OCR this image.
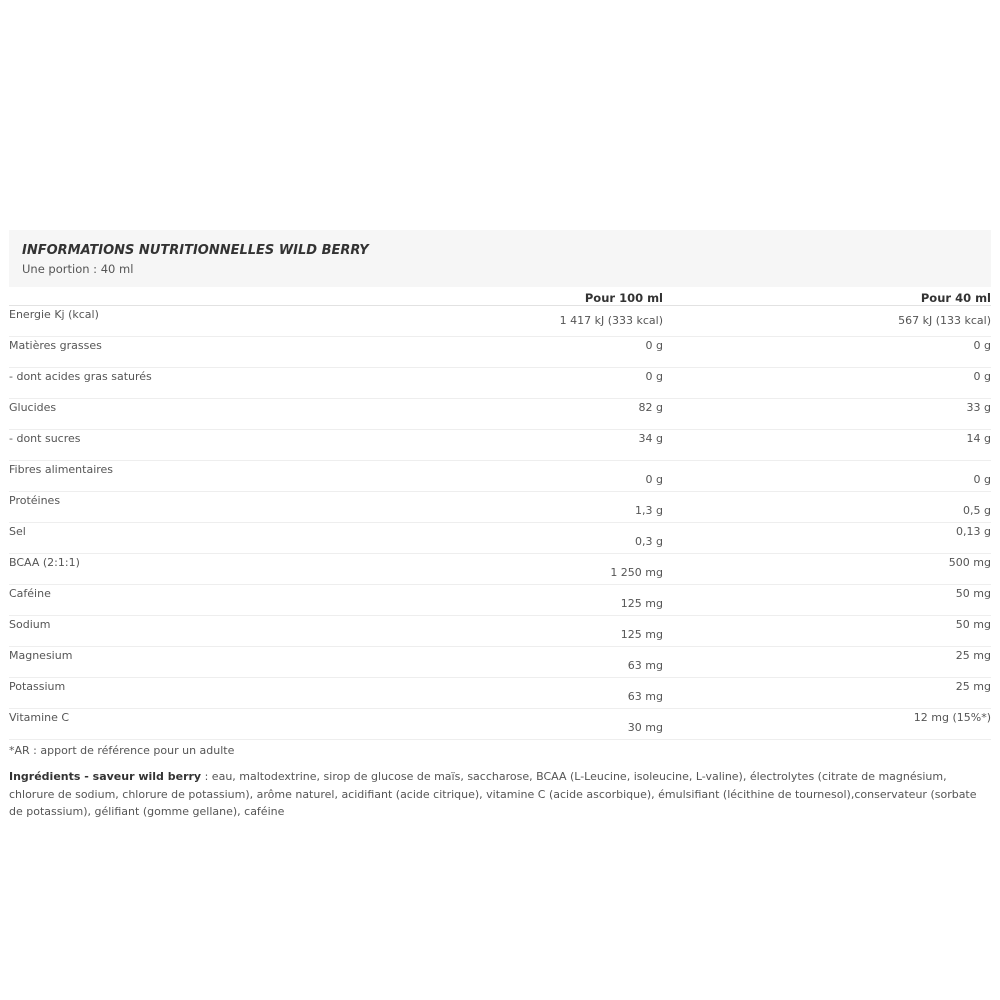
INFORMATIONS NUTRITIONNELLES WILD BERRY
Une portion : 40 ml
	Pour 100 ml	Pour 40 ml
Energie Kj (kcal)	1 417 kJ (333 kcal)	567 kJ (133 kcal)
Matières grasses	0 g	0 g
- dont acides gras saturés	0 g	0 g
Glucides	82 g	33 g
- dont sucres	34 g	14 g
Fibres alimentaires	0 g	0 g
Protéines	1,3 g	0,5 g
Sel	0,3 g	0,13 g
BCAA (2:1:1)	1 250 mg	500 mg
Caféine	125 mg	50 mg
Sodium	125 mg	50 mg
Magnesium	63 mg	25 mg
Potassium	63 mg	25 mg
Vitamine C	30 mg	12 mg (15%*)
*AR : apport de référence pour un adulte
Ingrédients - saveur wild berry : eau, maltodextrine, sirop de glucose de maïs, saccharose, BCAA (L-Leucine, isoleucine, L-valine), électrolytes (citrate de magnésium, chlorure de sodium, chlorure de potassium), arôme naturel, acidifiant (acide citrique), vitamine C (acide ascorbique), émulsifiant (lécithine de tournesol),conservateur (sorbate de potassium), gélifiant (gomme gellane), caféine
